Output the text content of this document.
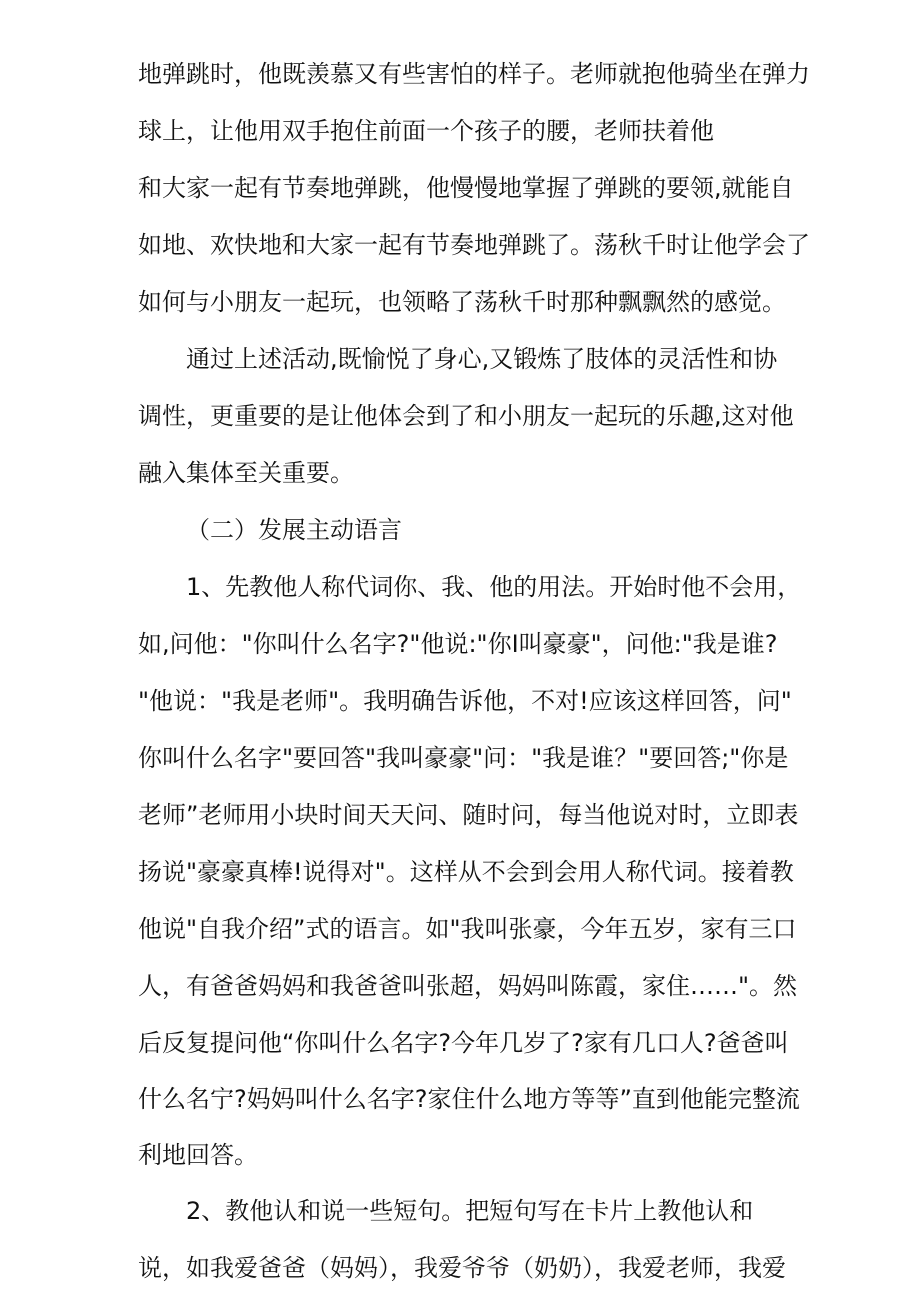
地弹跳时，他既羡慕又有些害怕的样子。老师就抱他骑坐在弹力

球上，让他用双手抱住前面一个孩子的腰，老师扶着他

和大家一起有节奏地弹跳，他慢慢地掌握了弹跳的要领,就能自

如地、欢快地和大家一起有节奏地弹跳了。荡秋千时让他学会了

如何与小朋友一起玩，也领略了荡秋千时那种飘飘然的感觉。

通过上述活动,既愉悦了身心,又锻炼了肢体的灵活性和协

调性，更重要的是让他体会到了和小朋友一起玩的乐趣,这对他

融入集体至关重要。

（二）发展主动语言

1、先教他人称代词你、我、他的用法。开始时他不会用，

如,问他："你叫什么名字?"他说:"你I叫豪豪"，问他:"我是谁?

"他说："我是老师"。我明确告诉他，不对!应该这样回答，问"

你叫什么名字"要回答"我叫豪豪"问："我是谁？"要回答;"你是

老师”老师用小块时间天天问、随时问，每当他说对时，立即表

扬说"豪豪真棒!说得对"。这样从不会到会用人称代词。接着教

他说"自我介绍”式的语言。如"我叫张豪，今年五岁，家有三口

人，有爸爸妈妈和我爸爸叫张超，妈妈叫陈霞，家住……"。然

后反复提问他“你叫什么名字?今年几岁了?家有几口人?爸爸叫

什么名宁?妈妈叫什么名字?家住什么地方等等”直到他能完整流

利地回答。

2、教他认和说一些短句。把短句写在卡片上教他认和

说，如我爱爸爸（妈妈），我爱爷爷（奶奶），我爱老师，我爱
